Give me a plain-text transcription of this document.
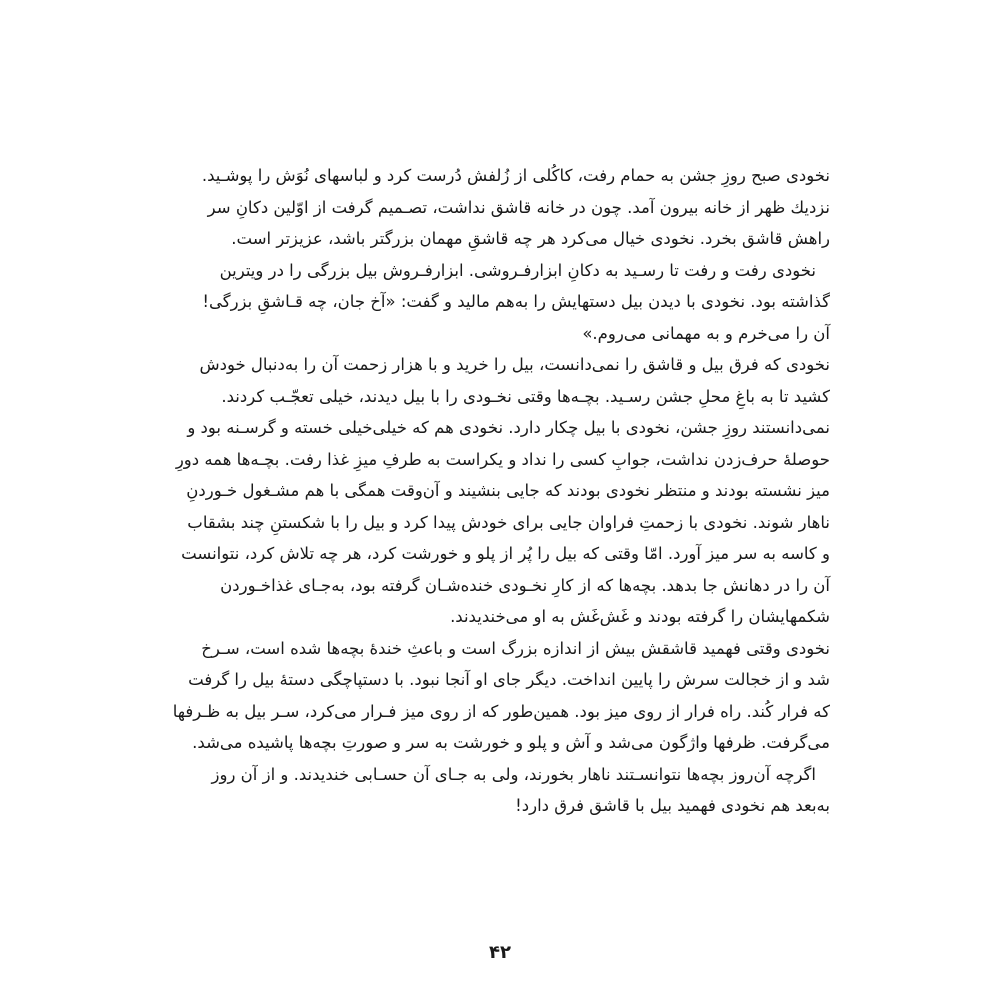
نخودی صبح روزِ جشن به حمام رفت، کاکُلی از زُلفش دُرست کرد و لباسهای نُوَش را پوشـید.
نزدیك ظهر از خانه بیرون آمد. چون در خانه قاشق نداشت، تصـمیم گرفت از اوّلین دکانِ سر
راهش قاشق بخرد. نخودی خیال می‌کرد هر چه قاشقِ مهمان بزرگتر باشد، عزیزتر است.

نخودی رفت و رفت تا رسـید به دکانِ ابزارفـروشی. ابزارفـروش بیل بزرگی را در ویترین
گذاشته بود. نخودی با دیدن بیل دستهایش را به‌هم مالید و گفت: «آخ جان، چه قـاشقِ بزرگی!
آن را می‌خرم و به مهمانی می‌روم.»

نخودی که فرق بیل و قاشق را نمی‌دانست، بیل را خرید و با هزار زحمت آن را به‌دنبال خودش
کشید تا به باغِ محلِ جشن رسـید. بچـه‌ها وقتی نخـودی را با بیل دیدند، خیلی تعجّـب کردند.
نمی‌دانستند روزِ جشن، نخودی با بیل چکار دارد. نخودی هم که خیلی‌خیلی خسته و گرسـنه بود و
حوصلهٔ حرف‌زدن نداشت، جوابِ کسی را نداد و یکراست به طرفِ میزِ غذا رفت. بچـه‌ها همه دورِ
میز نشسته بودند و منتظر نخودی بودند که جایی بنشیند و آن‌وقت همگی با هم مشـغول خـوردنِ
ناهار شوند. نخودی با زحمتِ فراوان جایی برای خودش پیدا کرد و بیل را با شکستنِ چند بشقاب
و کاسه به سر میز آورد. امّا وقتی که بیل را پُر از پلو و خورشت کرد، هر چه تلاش کرد، نتوانست
آن را در دهانش جا بدهد. بچه‌ها که از کارِ نخـودی خنده‌شـان گرفته بود، به‌جـای غذاخـوردن
شکمهایشان را گرفته بودند و غَش‌غَش به او می‌خندیدند.

نخودی وقتی فهمید قاشقش بیش از اندازه بزرگ است و باعثِ خندهٔ بچه‌ها شده است، سـرخ
شد و از خجالت سرش را پایین انداخت. دیگر جای او آنجا نبود. با دستپاچگی دستهٔ بیل را گرفت
که فرار کُند. راه فرار از روی میز بود. همین‌طور که از روی میز فـرار می‌کرد، سـر بیل به ظـرفها
می‌گرفت. ظرفها واژگون می‌شد و آش و پلو و خورشت به سر و صورتِ بچه‌ها پاشیده می‌شد.

اگرچه آن‌روز بچه‌ها نتوانسـتند ناهار بخورند، ولی به جـای آن حسـابی خندیدند. و از آن روز
به‌بعد هم نخودی فهمید بیل با قاشق فرق دارد!

۴۲
